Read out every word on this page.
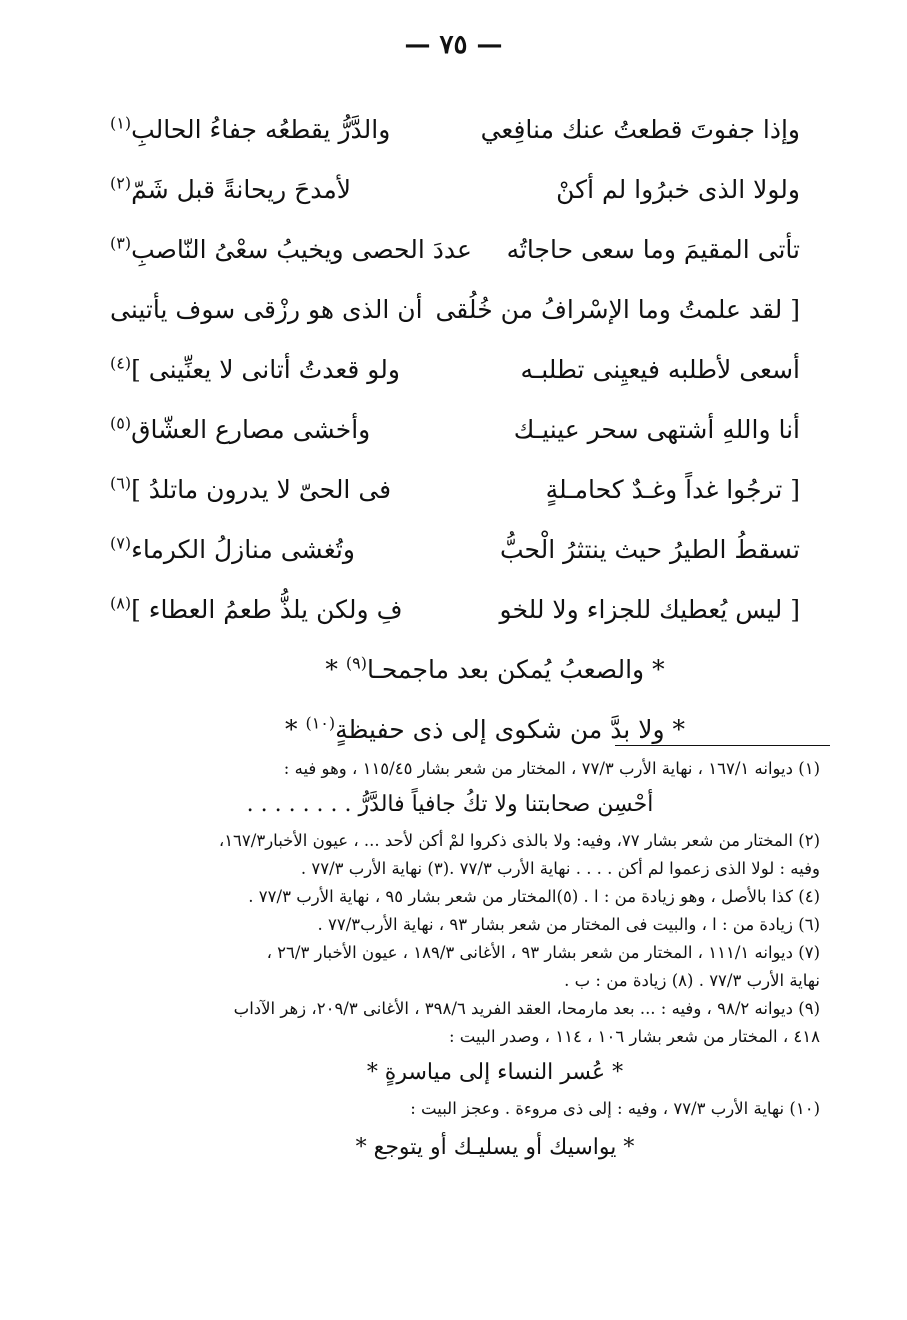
— ٧٥ —
وإذا جفوتَ قطعتُ عنك منافِعي
والدَّرُّ يقطعُه جفاءُ الحالبِ$^{(١)}$
ولولا الذى خبرُوا لم أكنْ
لأمدحَ ريحانةً قبل شَمّ$^{(٢)}$
تأتى المقيمَ وما سعى حاجاتُه
عددَ الحصى ويخيبُ سعْىُ النّاصبِ$^{(٣)}$
[ لقد علمتُ وما الإسْرافُ من خُلُقى
أن الذى هو رزْقى سوف يأتينى
أسعى لأطلبه فيعيِنى تطلبـه
ولو قعدتُ أتانى لا يعنِّينى ]$^{(٤)}$
أنا واللهِ أشتهى سحر عينيـك
وأخشى مصارع العشّاق$^{(٥)}$
[ ترجُوا غداً وغـدٌ كحامـلةٍ
فى الحىّ لا يدرون ماتلدُ ]$^{(٦)}$
تسقطُ الطيرُ حيث ينتثرُ الْحبُّ
وتُغشى منازلُ الكرماء$^{(٧)}$
[ ليس يُعطيك للجزاء ولا للخو
فِ ولكن يلذُّ طعمُ العطاء ]$^{(٨)}$
* والصعبُ يُمكن بعد ماجمحـا$^{(٩)}$ *
* ولا بدَّ من شكوى إلى ذى حفيظةٍ$^{(١٠)}$ *
(١) ديوانه ١٦٧/١ ، نهاية الأرب ٧٧/٣ ، المختار من شعر بشار ١١٥/٤٥ ، وهو فيه :
أحْسِن صحابتنا ولا تكُ جافياً فالدَّرُّ . . . . . . . .
(٢) المختار من شعر بشار ٧٧، وفيه: ولا بالذى ذكروا لمْ أكن لأحد ... ، عيون الأخبار١٦٧/٣،
وفيه : لولا الذى زعموا لم أكن . . . . نهاية الأرب ٧٧/٣ .(٣) نهاية الأرب ٧٧/٣ .
(٤) كذا بالأصل ، وهو زيادة من : ا . (٥)المختار من شعر بشار ٩٥ ، نهاية الأرب ٧٧/٣ .
(٦) زيادة من : ا ، والبيت فى المختار من شعر بشار ٩٣ ، نهاية الأرب٧٧/٣ .
(٧) ديوانه ١١١/١ ، المختار من شعر بشار ٩٣ ، الأغانى ١٨٩/٣ ، عيون الأخبار ٢٦/٣ ،
نهاية الأرب ٧٧/٣ . (٨) زيادة من : ب .
(٩) ديوانه ٩٨/٢ ، وفيه : ... بعد مارمحا، العقد الفريد ٣٩٨/٦ ، الأغانى ٢٠٩/٣، زهر الآداب
٤١٨ ، المختار من شعر بشار ١٠٦ ، ١١٤ ، وصدر البيت :
* عُسر النساء إلى مياسرةٍ *
(١٠) نهاية الأرب ٧٧/٣ ، وفيه : إلى ذى مروءة . وعجز البيت :
* يواسيك أو يسليـك أو يتوجع *
